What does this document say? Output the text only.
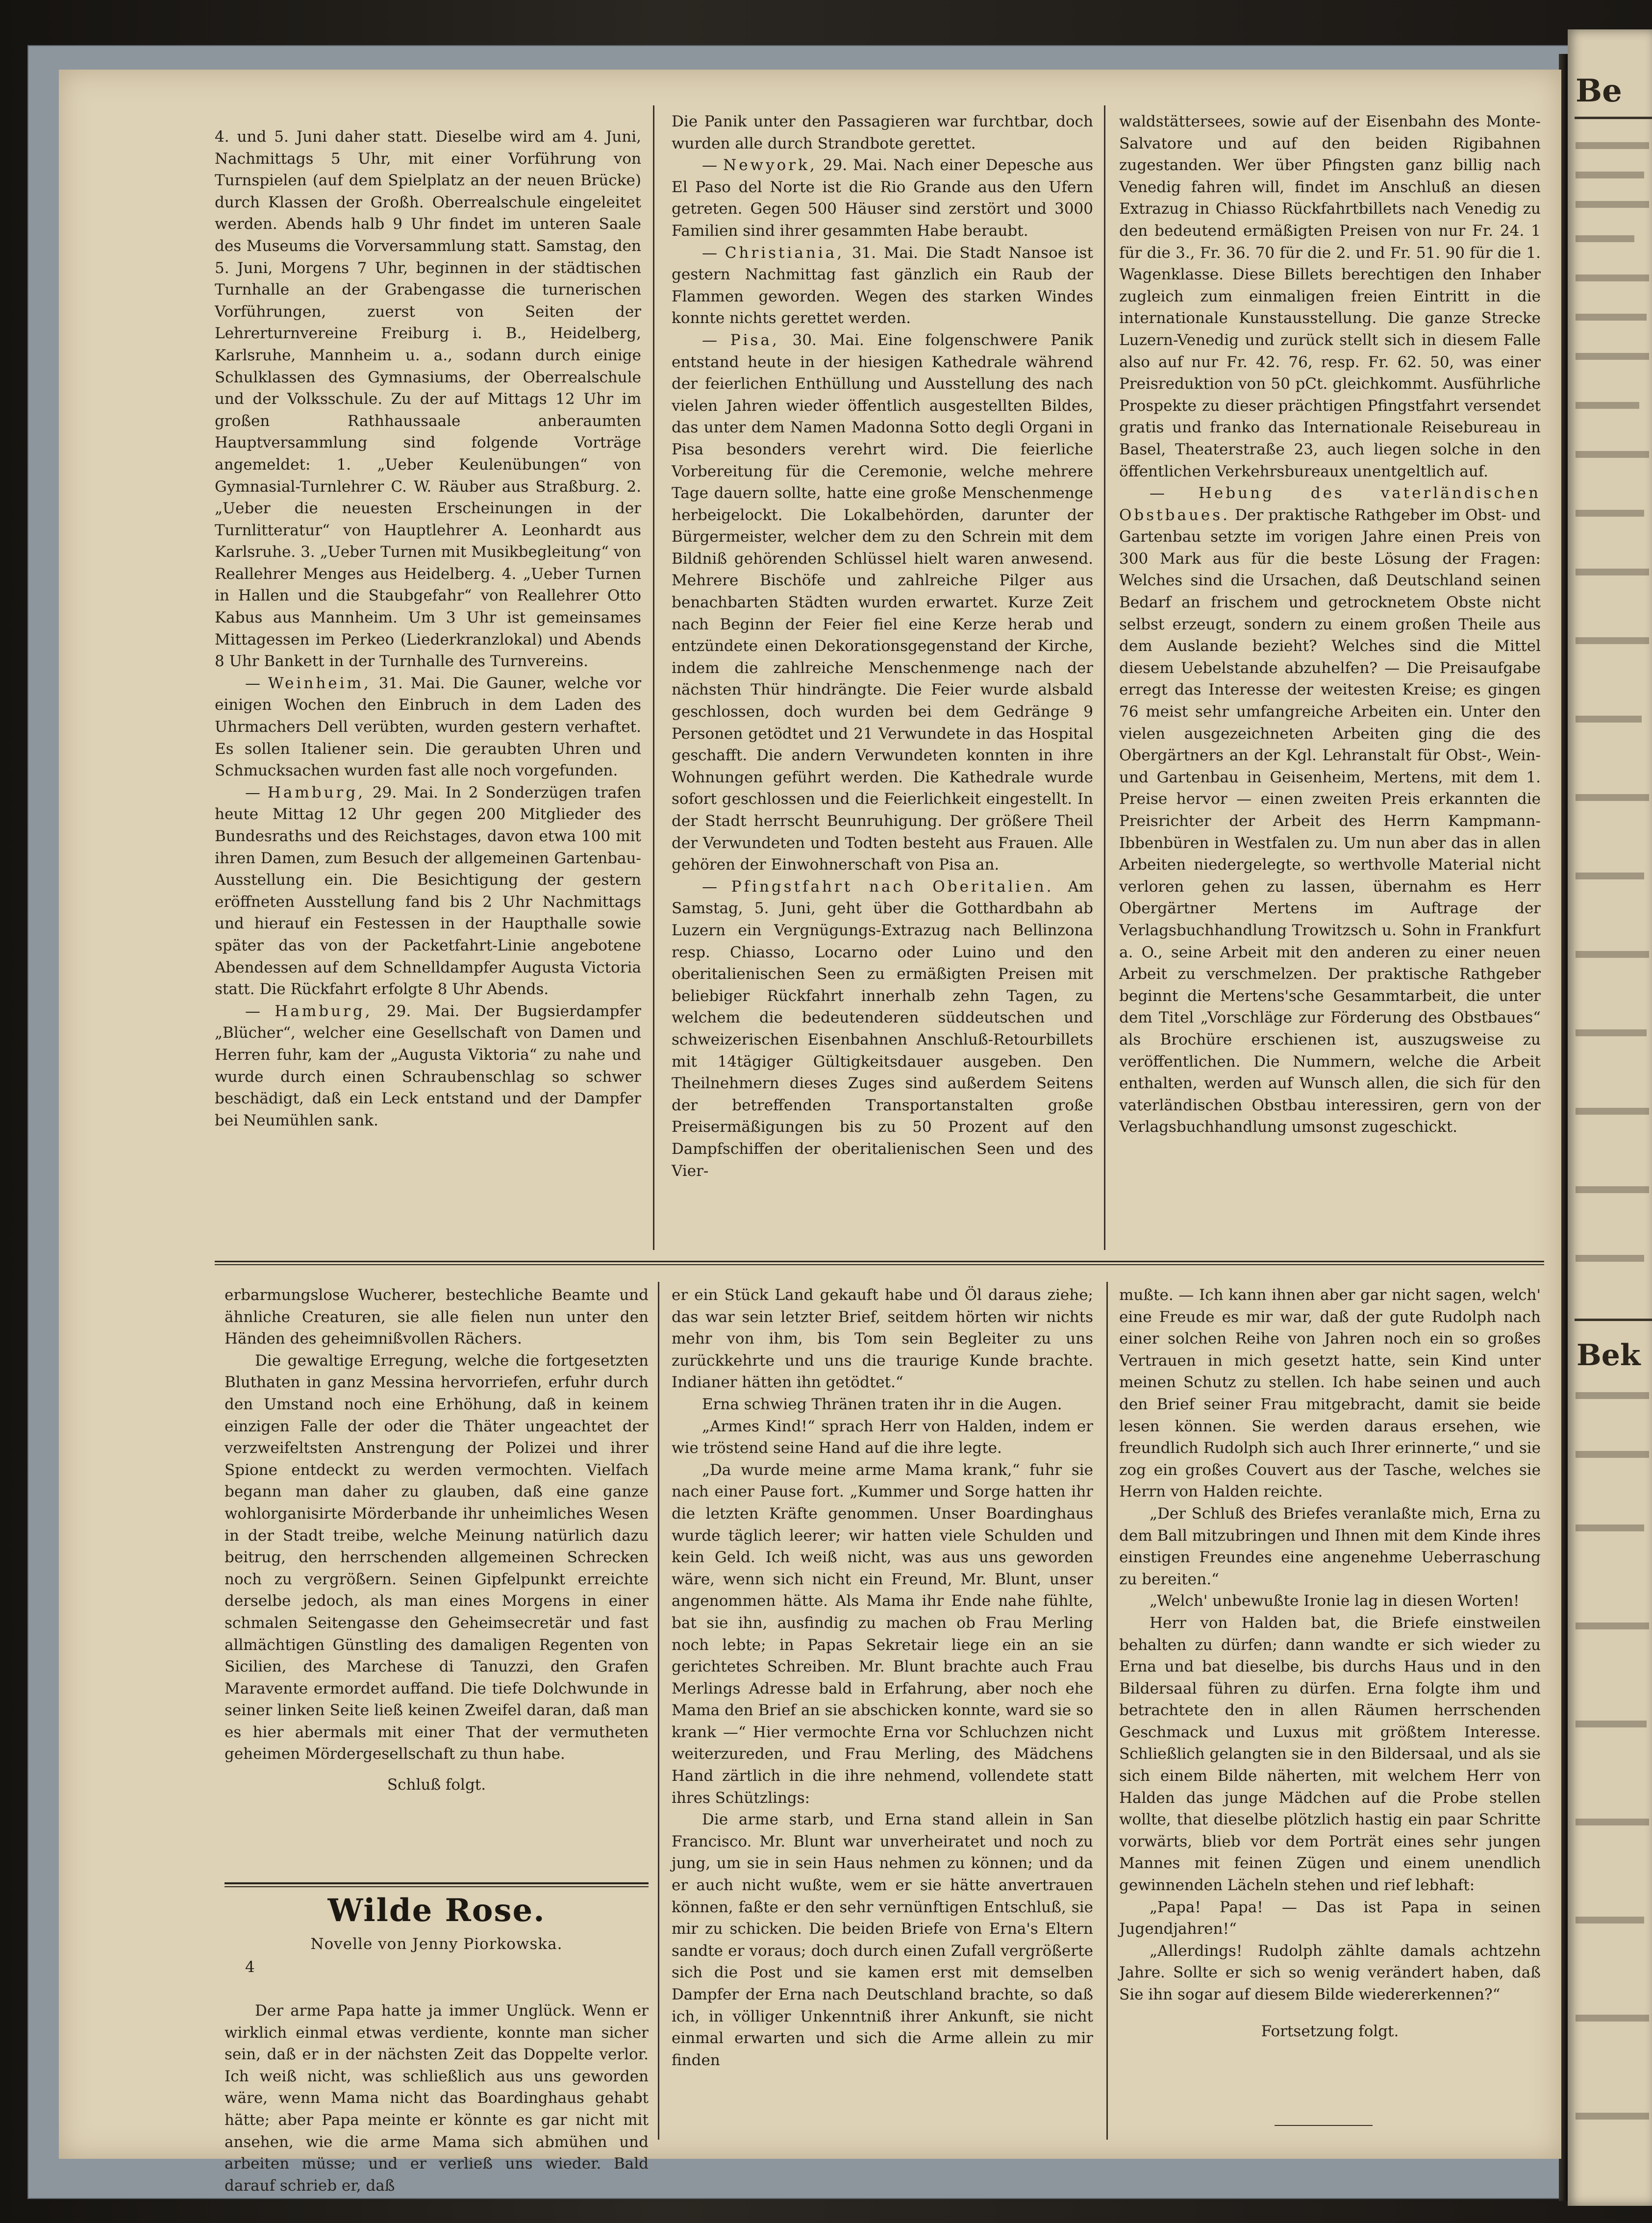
Be
Bek

4. und 5. Juni daher statt. Dieselbe wird am 4. Juni, Nachmittags 5 Uhr, mit einer Vorführung von Turnspielen (auf dem Spielplatz an der neuen Brücke) durch Klassen der Großh. Oberrealschule eingeleitet werden. Abends halb 9 Uhr findet im unteren Saale des Museums die Vorversammlung statt. Samstag, den 5. Juni, Morgens 7 Uhr, beginnen in der städtischen Turnhalle an der Grabengasse die turnerischen Vorführungen, zuerst von Seiten der Lehrerturnvereine Freiburg i. B., Heidelberg, Karlsruhe, Mannheim u. a., sodann durch einige Schulklassen des Gymnasiums, der Oberrealschule und der Volksschule. Zu der auf Mittags 12 Uhr im großen Rathhaussaale anberaumten Hauptversammlung sind folgende Vorträge angemeldet: 1. „Ueber Keulenübungen“ von Gymnasial-Turnlehrer C. W. Räuber aus Straßburg. 2. „Ueber die neuesten Erscheinungen in der Turnlitteratur“ von Hauptlehrer A. Leonhardt aus Karlsruhe. 3. „Ueber Turnen mit Musikbegleitung“ von Reallehrer Menges aus Heidelberg. 4. „Ueber Turnen in Hallen und die Staubgefahr“ von Reallehrer Otto Kabus aus Mannheim. Um 3 Uhr ist gemeinsames Mittagessen im Perkeo (Liederkranzlokal) und Abends 8 Uhr Bankett in der Turnhalle des Turnvereins.

— Weinheim, 31. Mai. Die Gauner, welche vor einigen Wochen den Einbruch in dem Laden des Uhrmachers Dell verübten, wurden gestern verhaftet. Es sollen Italiener sein. Die geraubten Uhren und Schmucksachen wurden fast alle noch vorgefunden.

— Hamburg, 29. Mai. In 2 Sonderzügen trafen heute Mittag 12 Uhr gegen 200 Mitglieder des Bundesraths und des Reichstages, davon etwa 100 mit ihren Damen, zum Besuch der allgemeinen Gartenbau-Ausstellung ein. Die Besichtigung der gestern eröffneten Ausstellung fand bis 2 Uhr Nachmittags und hierauf ein Festessen in der Haupthalle sowie später das von der Packetfahrt-Linie angebotene Abendessen auf dem Schnelldampfer Augusta Victoria statt. Die Rückfahrt erfolgte 8 Uhr Abends.

— Hamburg, 29. Mai. Der Bugsierdampfer „Blücher“, welcher eine Gesellschaft von Damen und Herren fuhr, kam der „Augusta Viktoria“ zu nahe und wurde durch einen Schraubenschlag so schwer beschädigt, daß ein Leck entstand und der Dampfer bei Neumühlen sank.

Die Panik unter den Passagieren war furchtbar, doch wurden alle durch Strandbote gerettet.

— Newyork, 29. Mai. Nach einer Depesche aus El Paso del Norte ist die Rio Grande aus den Ufern getreten. Gegen 500 Häuser sind zerstört und 3000 Familien sind ihrer gesammten Habe beraubt.

— Christiania, 31. Mai. Die Stadt Nansoe ist gestern Nachmittag fast gänzlich ein Raub der Flammen geworden. Wegen des starken Windes konnte nichts gerettet werden.

— Pisa, 30. Mai. Eine folgenschwere Panik entstand heute in der hiesigen Kathedrale während der feierlichen Enthüllung und Ausstellung des nach vielen Jahren wieder öffentlich ausgestellten Bildes, das unter dem Namen Madonna Sotto degli Organi in Pisa besonders verehrt wird. Die feierliche Vorbereitung für die Ceremonie, welche mehrere Tage dauern sollte, hatte eine große Menschenmenge herbeigelockt. Die Lokalbehörden, darunter der Bürgermeister, welcher dem zu den Schrein mit dem Bildniß gehörenden Schlüssel hielt waren anwesend. Mehrere Bischöfe und zahlreiche Pilger aus benachbarten Städten wurden erwartet. Kurze Zeit nach Beginn der Feier fiel eine Kerze herab und entzündete einen Dekorationsgegenstand der Kirche, indem die zahlreiche Menschenmenge nach der nächsten Thür hindrängte. Die Feier wurde alsbald geschlossen, doch wurden bei dem Gedränge 9 Personen getödtet und 21 Verwundete in das Hospital geschafft. Die andern Verwundeten konnten in ihre Wohnungen geführt werden. Die Kathedrale wurde sofort geschlossen und die Feierlichkeit eingestellt. In der Stadt herrscht Beunruhigung. Der größere Theil der Verwundeten und Todten besteht aus Frauen. Alle gehören der Einwohnerschaft von Pisa an.

— Pfingstfahrt nach Oberitalien. Am Samstag, 5. Juni, geht über die Gotthardbahn ab Luzern ein Vergnügungs-Extrazug nach Bellinzona resp. Chiasso, Locarno oder Luino und den oberitalienischen Seen zu ermäßigten Preisen mit beliebiger Rückfahrt innerhalb zehn Tagen, zu welchem die bedeutenderen süddeutschen und schweizerischen Eisenbahnen Anschluß-Retourbillets mit 14tägiger Gültigkeitsdauer ausgeben. Den Theilnehmern dieses Zuges sind außerdem Seitens der betreffenden Transportanstalten große Preisermäßigungen bis zu 50 Prozent auf den Dampfschiffen der oberitalienischen Seen und des Vier-

waldstättersees, sowie auf der Eisenbahn des Monte-Salvatore und auf den beiden Rigibahnen zugestanden. Wer über Pfingsten ganz billig nach Venedig fahren will, findet im Anschluß an diesen Extrazug in Chiasso Rückfahrtbillets nach Venedig zu den bedeutend ermäßigten Preisen von nur Fr. 24. 1 für die 3., Fr. 36. 70 für die 2. und Fr. 51. 90 für die 1. Wagenklasse. Diese Billets berechtigen den Inhaber zugleich zum einmaligen freien Eintritt in die internationale Kunstausstellung. Die ganze Strecke Luzern-Venedig und zurück stellt sich in diesem Falle also auf nur Fr. 42. 76, resp. Fr. 62. 50, was einer Preisreduktion von 50 pCt. gleichkommt. Ausführliche Prospekte zu dieser prächtigen Pfingstfahrt versendet gratis und franko das Internationale Reisebureau in Basel, Theaterstraße 23, auch liegen solche in den öffentlichen Verkehrsbureaux unentgeltlich auf.

— Hebung des vaterländischen Obstbaues. Der praktische Rathgeber im Obst- und Gartenbau setzte im vorigen Jahre einen Preis von 300 Mark aus für die beste Lösung der Fragen: Welches sind die Ursachen, daß Deutschland seinen Bedarf an frischem und getrocknetem Obste nicht selbst erzeugt, sondern zu einem großen Theile aus dem Auslande bezieht? Welches sind die Mittel diesem Uebelstande abzuhelfen? — Die Preisaufgabe erregt das Interesse der weitesten Kreise; es gingen 76 meist sehr umfangreiche Arbeiten ein. Unter den vielen ausgezeichneten Arbeiten ging die des Obergärtners an der Kgl. Lehranstalt für Obst-, Wein- und Gartenbau in Geisenheim, Mertens, mit dem 1. Preise hervor — einen zweiten Preis erkannten die Preisrichter der Arbeit des Herrn Kampmann-Ibbenbüren in Westfalen zu. Um nun aber das in allen Arbeiten niedergelegte, so werthvolle Material nicht verloren gehen zu lassen, übernahm es Herr Obergärtner Mertens im Auftrage der Verlagsbuchhandlung Trowitzsch u. Sohn in Frankfurt a. O., seine Arbeit mit den anderen zu einer neuen Arbeit zu verschmelzen. Der praktische Rathgeber beginnt die Mertens'sche Gesammtarbeit, die unter dem Titel „Vorschläge zur Förderung des Obstbaues“ als Brochüre erschienen ist, auszugsweise zu veröffentlichen. Die Nummern, welche die Arbeit enthalten, werden auf Wunsch allen, die sich für den vaterländischen Obstbau interessiren, gern von der Verlagsbuchhandlung umsonst zugeschickt.

erbarmungslose Wucherer, bestechliche Beamte und ähnliche Creaturen, sie alle fielen nun unter den Händen des geheimnißvollen Rächers.

Die gewaltige Erregung, welche die fortgesetzten Bluthaten in ganz Messina hervorriefen, erfuhr durch den Umstand noch eine Erhöhung, daß in keinem einzigen Falle der oder die Thäter ungeachtet der verzweifeltsten Anstrengung der Polizei und ihrer Spione entdeckt zu werden vermochten. Vielfach begann man daher zu glauben, daß eine ganze wohlorganisirte Mörderbande ihr unheimliches Wesen in der Stadt treibe, welche Meinung natürlich dazu beitrug, den herrschenden allgemeinen Schrecken noch zu vergrößern. Seinen Gipfelpunkt erreichte derselbe jedoch, als man eines Morgens in einer schmalen Seitengasse den Geheimsecretär und fast allmächtigen Günstling des damaligen Regenten von Sicilien, des Marchese di Tanuzzi, den Grafen Maravente ermordet auffand. Die tiefe Dolchwunde in seiner linken Seite ließ keinen Zweifel daran, daß man es hier abermals mit einer That der vermutheten geheimen Mördergesellschaft zu thun habe.

Schluß folgt.

Wilde Rose.
Novelle von Jenny Piorkowska.
4

Der arme Papa hatte ja immer Unglück. Wenn er wirklich einmal etwas verdiente, konnte man sicher sein, daß er in der nächsten Zeit das Doppelte verlor. Ich weiß nicht, was schließlich aus uns geworden wäre, wenn Mama nicht das Boardinghaus gehabt hätte; aber Papa meinte er könnte es gar nicht mit ansehen, wie die arme Mama sich abmühen und arbeiten müsse; und er verließ uns wieder. Bald darauf schrieb er, daß

er ein Stück Land gekauft habe und Öl daraus ziehe; das war sein letzter Brief, seitdem hörten wir nichts mehr von ihm, bis Tom sein Begleiter zu uns zurückkehrte und uns die traurige Kunde brachte. Indianer hätten ihn getödtet.“

Erna schwieg Thränen traten ihr in die Augen.

„Armes Kind!“ sprach Herr von Halden, indem er wie tröstend seine Hand auf die ihre legte.

„Da wurde meine arme Mama krank,“ fuhr sie nach einer Pause fort. „Kummer und Sorge hatten ihr die letzten Kräfte genommen. Unser Boardinghaus wurde täglich leerer; wir hatten viele Schulden und kein Geld. Ich weiß nicht, was aus uns geworden wäre, wenn sich nicht ein Freund, Mr. Blunt, unser angenommen hätte. Als Mama ihr Ende nahe fühlte, bat sie ihn, ausfindig zu machen ob Frau Merling noch lebte; in Papas Sekretair liege ein an sie gerichtetes Schreiben. Mr. Blunt brachte auch Frau Merlings Adresse bald in Erfahrung, aber noch ehe Mama den Brief an sie abschicken konnte, ward sie so krank —“ Hier vermochte Erna vor Schluchzen nicht weiterzureden, und Frau Merling, des Mädchens Hand zärtlich in die ihre nehmend, vollendete statt ihres Schützlings:

Die arme starb, und Erna stand allein in San Francisco. Mr. Blunt war unverheiratet und noch zu jung, um sie in sein Haus nehmen zu können; und da er auch nicht wußte, wem er sie hätte anvertrauen können, faßte er den sehr vernünftigen Entschluß, sie mir zu schicken. Die beiden Briefe von Erna's Eltern sandte er voraus; doch durch einen Zufall vergrößerte sich die Post und sie kamen erst mit demselben Dampfer der Erna nach Deutschland brachte, so daß ich, in völliger Unkenntniß ihrer Ankunft, sie nicht einmal erwarten und sich die Arme allein zu mir finden

mußte. — Ich kann ihnen aber gar nicht sagen, welch' eine Freude es mir war, daß der gute Rudolph nach einer solchen Reihe von Jahren noch ein so großes Vertrauen in mich gesetzt hatte, sein Kind unter meinen Schutz zu stellen. Ich habe seinen und auch den Brief seiner Frau mitgebracht, damit sie beide lesen können. Sie werden daraus ersehen, wie freundlich Rudolph sich auch Ihrer erinnerte,“ und sie zog ein großes Couvert aus der Tasche, welches sie Herrn von Halden reichte.

„Der Schluß des Briefes veranlaßte mich, Erna zu dem Ball mitzubringen und Ihnen mit dem Kinde ihres einstigen Freundes eine angenehme Ueberraschung zu bereiten.“

„Welch' unbewußte Ironie lag in diesen Worten!

Herr von Halden bat, die Briefe einstweilen behalten zu dürfen; dann wandte er sich wieder zu Erna und bat dieselbe, bis durchs Haus und in den Bildersaal führen zu dürfen. Erna folgte ihm und betrachtete den in allen Räumen herrschenden Geschmack und Luxus mit größtem Interesse. Schließlich gelangten sie in den Bildersaal, und als sie sich einem Bilde näherten, mit welchem Herr von Halden das junge Mädchen auf die Probe stellen wollte, that dieselbe plötzlich hastig ein paar Schritte vorwärts, blieb vor dem Porträt eines sehr jungen Mannes mit feinen Zügen und einem unendlich gewinnenden Lächeln stehen und rief lebhaft:

„Papa! Papa! — Das ist Papa in seinen Jugendjahren!“

„Allerdings! Rudolph zählte damals achtzehn Jahre. Sollte er sich so wenig verändert haben, daß Sie ihn sogar auf diesem Bilde wiedererkennen?“

Fortsetzung folgt.
